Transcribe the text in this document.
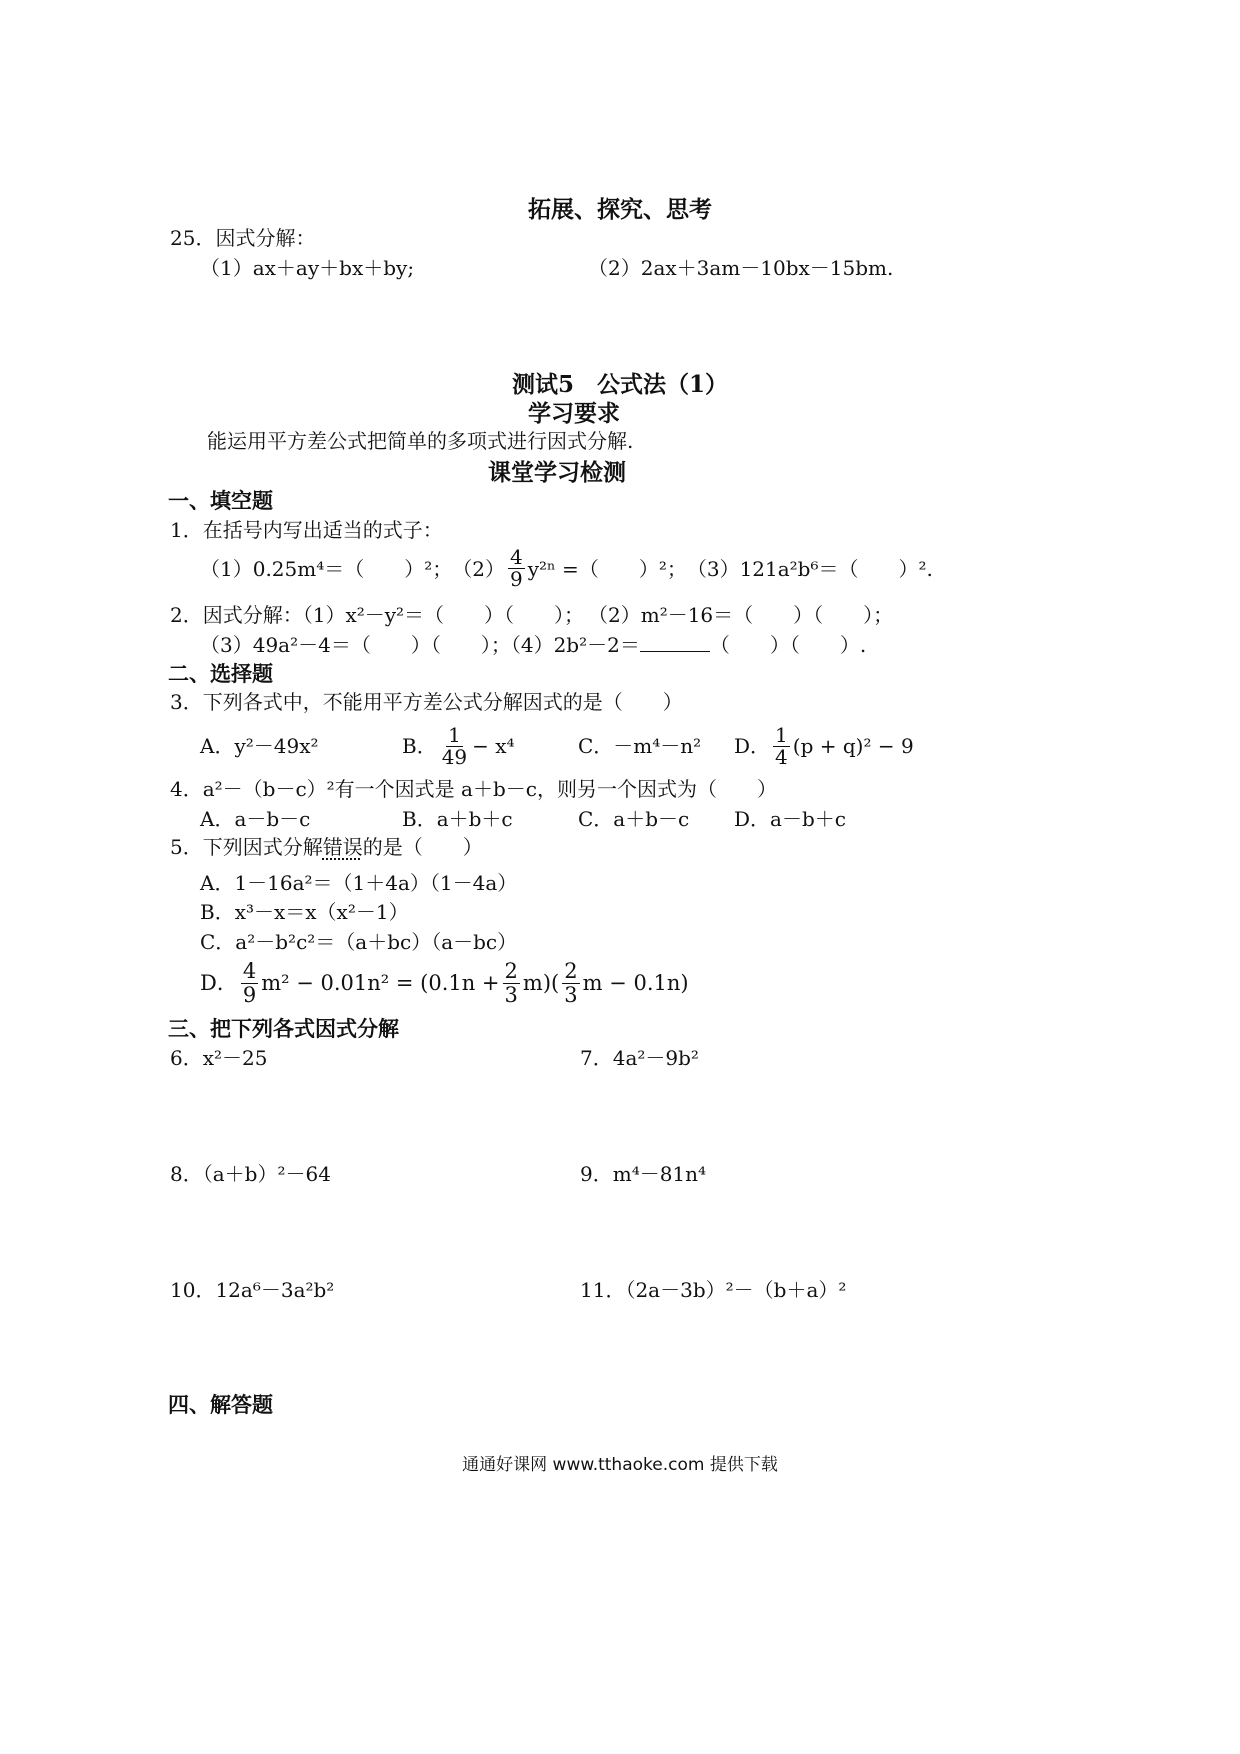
拓展、探究、思考
25．因式分解：
（1）ax＋ay＋bx＋by;	（2）2ax＋3am－10bx－15bm.
测试5　公式法（1）
学习要求
能运用平方差公式把简单的多项式进行因式分解.
课堂学习检测
一、填空题
1．在括号内写出适当的式子：
（1）0.25m⁴＝（　　）²； $(2) \frac{4}{9} y^{2n}$ =（　　）²； （3）121a²b⁶＝（　　）².
2．因式分解：（1）x²－y²＝（　　）（　　）； （2）m²－16＝（　　）（　　）；
（3）49a²－4＝（　　）（　　）；（4）2b²－2＝	（　　）（　　）.
二、选择题
3．下列各式中，不能用平方差公式分解因式的是（　　）
A．y²－49x²	B． $\frac{1}{49} - x^4$	C．－m⁴－n² D． $\frac{1}{4} (p + q)^2 - 9$
4．a²－（b－c）²有一个因式是 a＋b－c，则另一个因式为（　　）
A．a－b－c	B．a＋b＋c	C．a＋b－c D．a－b＋c
5．下列因式分解错误的是（　　）
A．1－16a²＝（1＋4a）（1－4a）
B．x³－x＝x（x²－1）
C．a²－b²c²＝（a＋bc）（a－bc）
D． $\frac{4}{9} m^2 - 0.01n^2 = (0.1n + \frac{2}{3} m)( \frac{2}{3}$ m − 0.1n)
三、把下列各式因式分解
6．x²－25	7．4a²－9b²
8．（a＋b）²－64	9．m⁴－81n⁴
10．12a⁶－3a²b²	11．（2a－3b）²－（b＋a）²
四、解答题
通通好课网 www.tthaoke.com 提供下载
